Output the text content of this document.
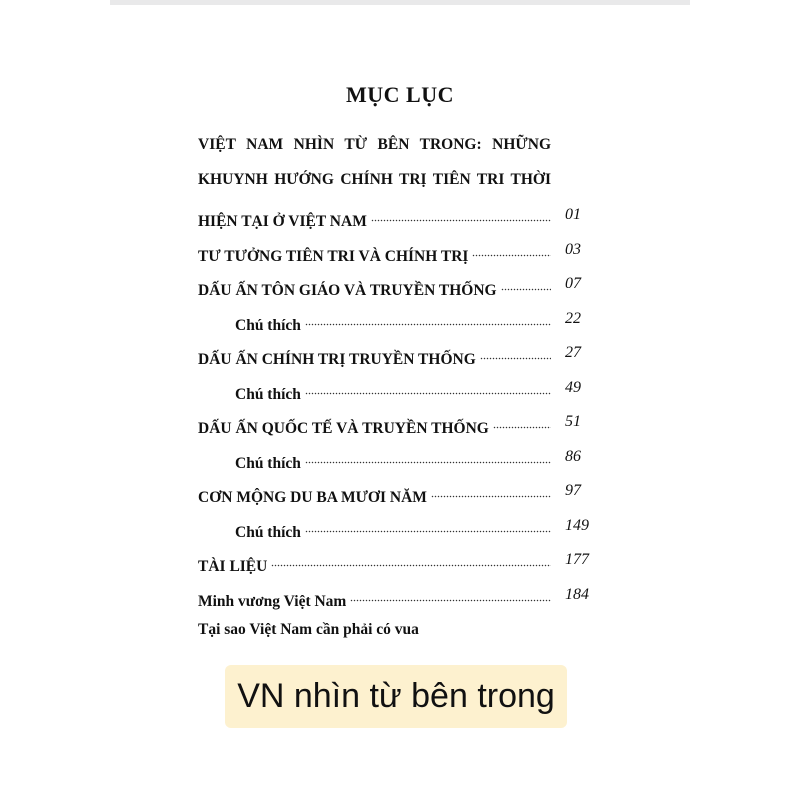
MỤC LỤC
VIỆT NAM NHÌN TỪ BÊN TRONG: NHỮNG
KHUYNH HƯỚNG CHÍNH TRỊ TIÊN TRI THỜI
HIỆN TẠI Ở VIỆT NAM	01
TƯ TƯỞNG TIÊN TRI VÀ CHÍNH TRỊ	03
DẤU ẤN TÔN GIÁO VÀ TRUYỀN THỐNG	07
Chú thích	22
DẤU ẤN CHÍNH TRỊ TRUYỀN THỐNG	27
Chú thích	49
DẤU ẤN QUỐC TẾ VÀ TRUYỀN THỐNG	51
Chú thích	86
CƠN MỘNG DU BA MƯƠI NĂM	97
Chú thích	149
TÀI LIỆU	177
Minh vương Việt Nam	184
Tại sao Việt Nam cần phải có vua
VN nhìn từ bên trong
